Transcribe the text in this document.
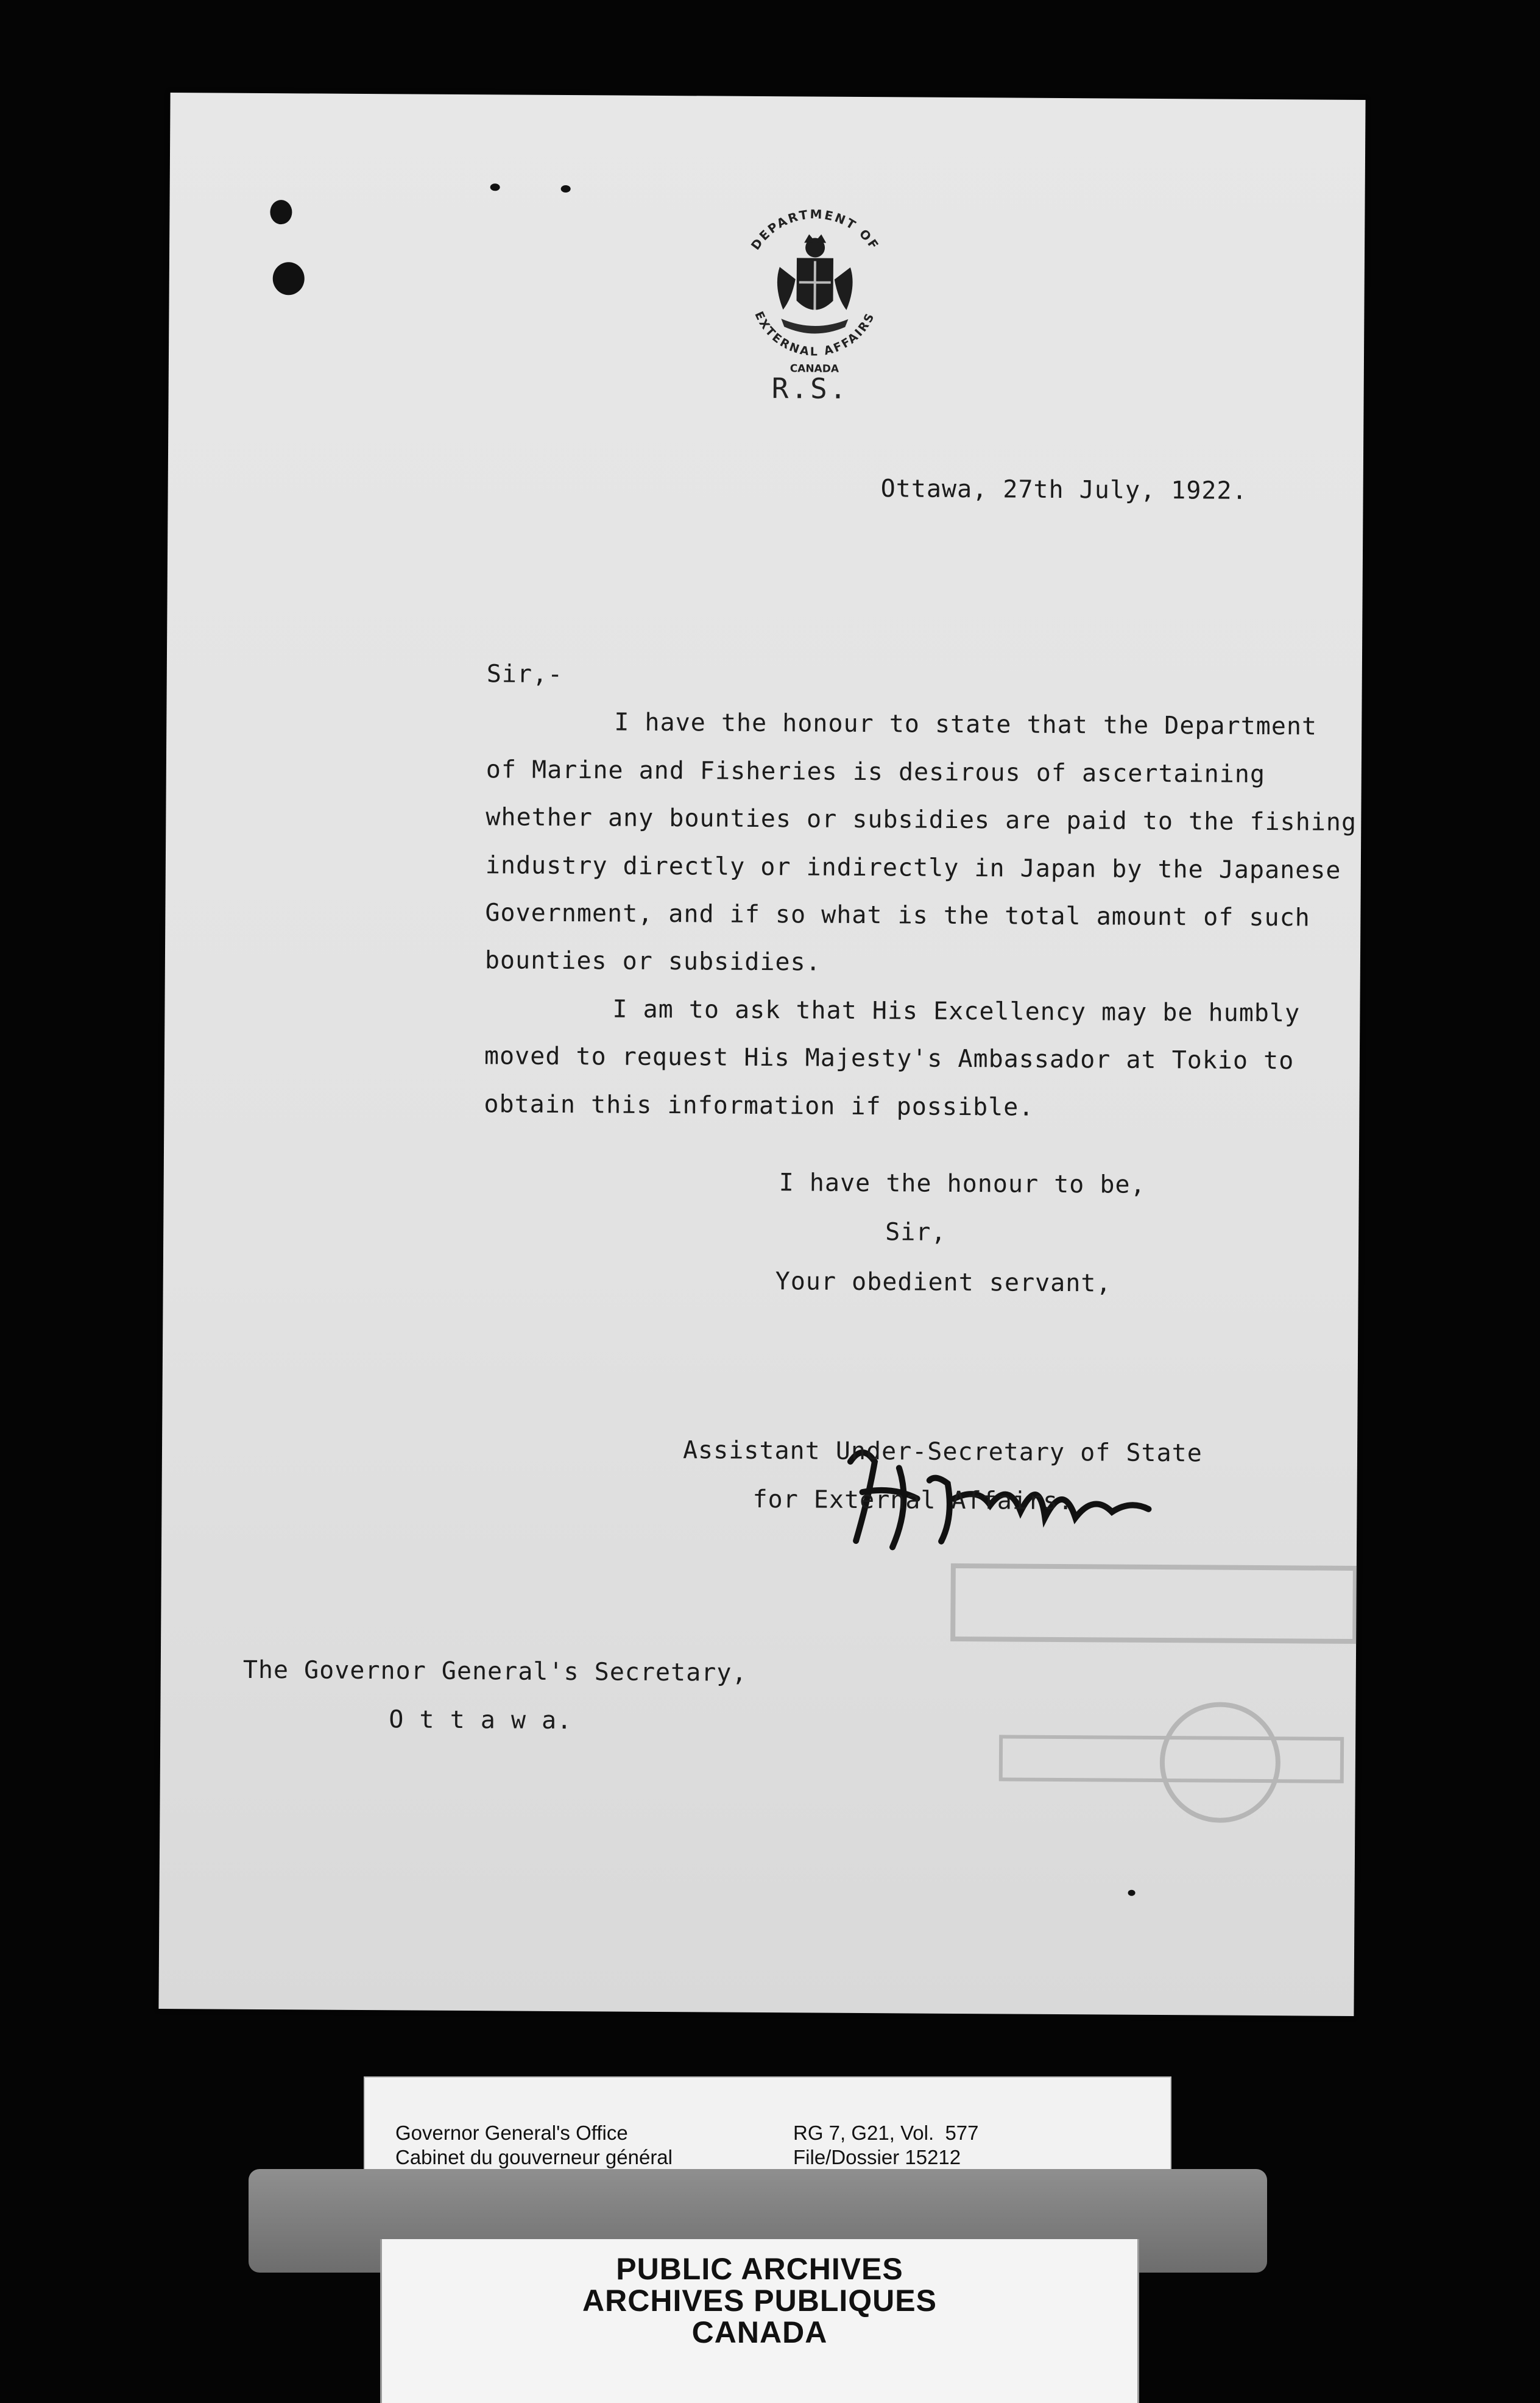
DEPARTMENT OF
EXTERNAL AFFAIRS
CANADA
R.S.
Ottawa, 27th July, 1922.
Sir,-
I have the honour to state that the Department
of Marine and Fisheries is desirous of ascertaining
whether any bounties or subsidies are paid to the fishing
industry directly or indirectly in Japan by the Japanese
Government, and if so what is the total amount of such
bounties or subsidies.
I am to ask that His Excellency may be humbly
moved to request His Majesty's Ambassador at Tokio to
obtain this information if possible.
I have the honour to be,
Sir,
Your obedient servant,
Assistant Under-Secretary of State
for External Affairs.
The Governor General's Secretary,
O t t a w a.
Governor General's Office
Cabinet du gouverneur général
RG 7, G21, Vol.  577
File/Dossier 15212
PUBLIC ARCHIVES
ARCHIVES PUBLIQUES
CANADA
